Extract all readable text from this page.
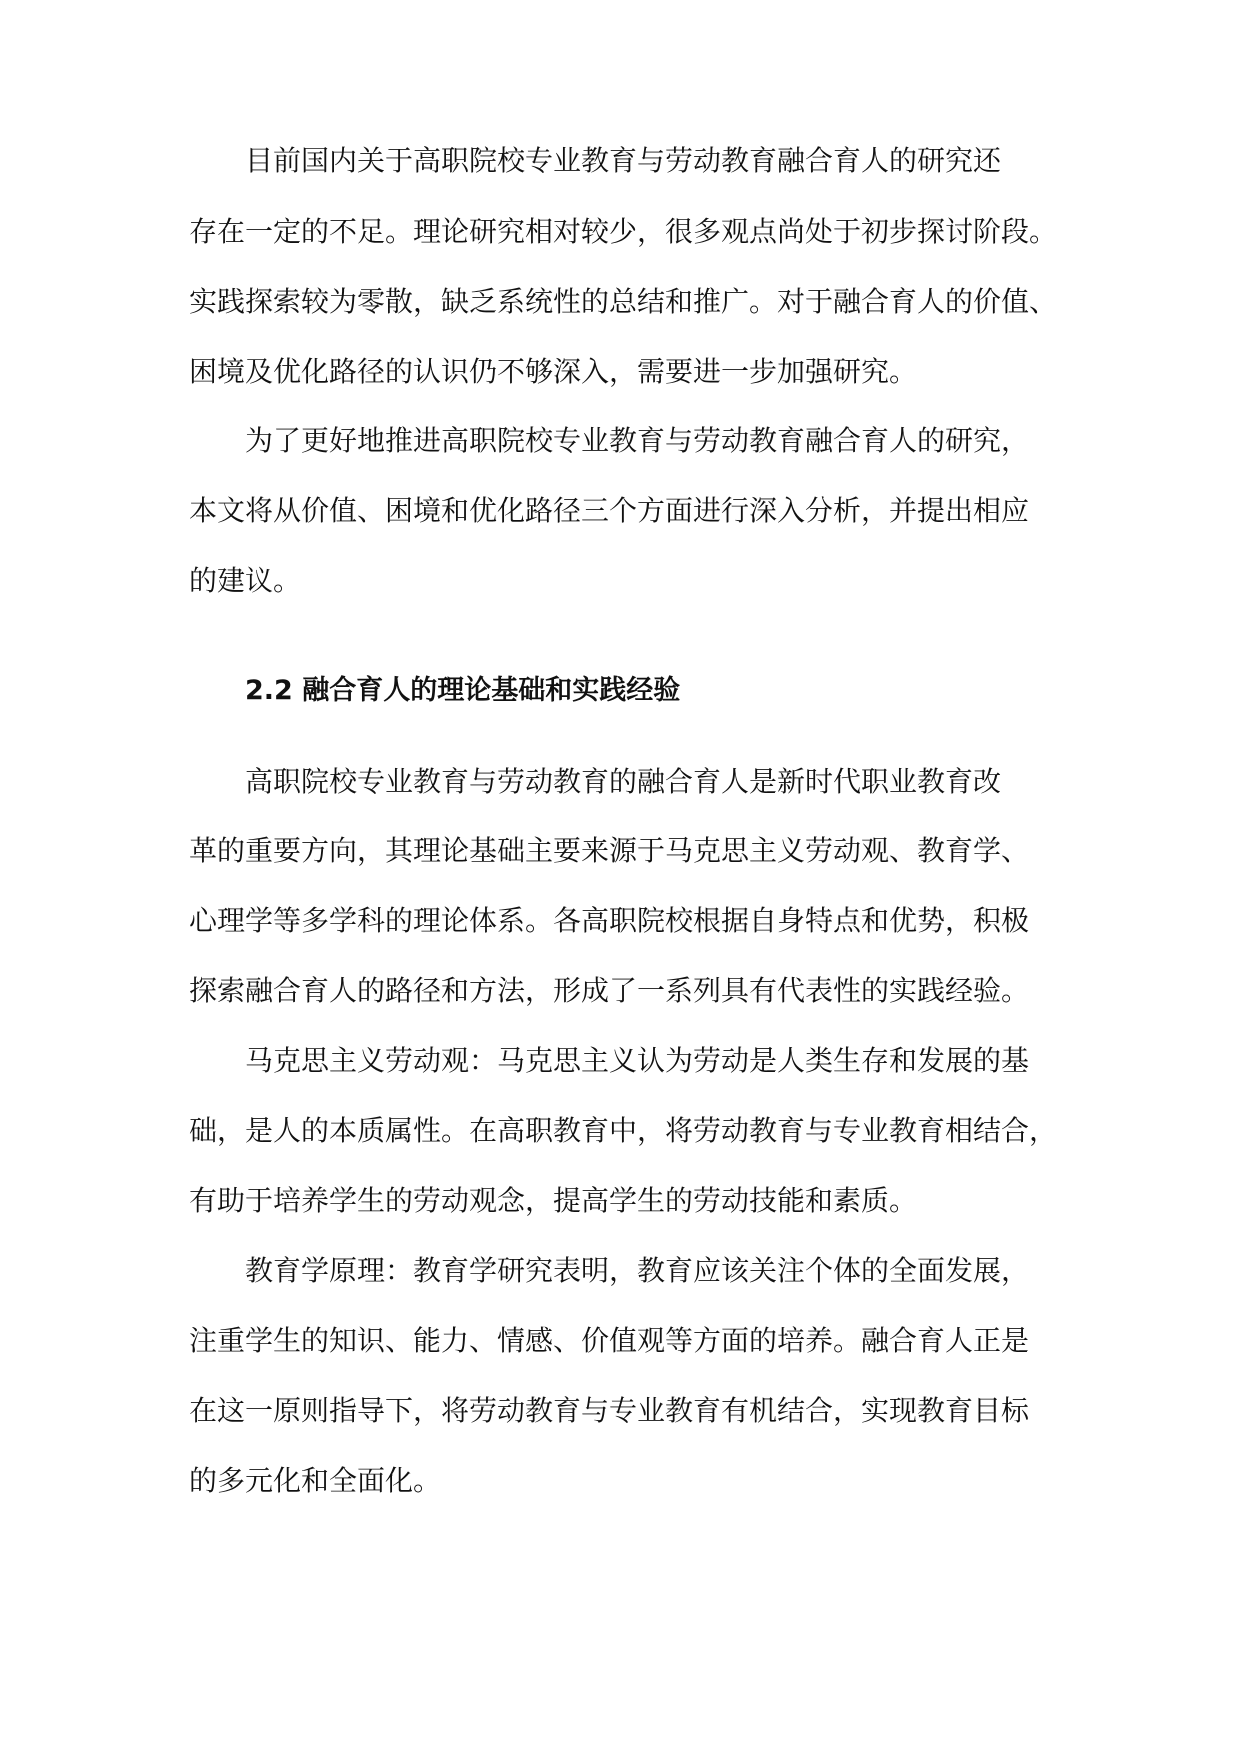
目前国内关于高职院校专业教育与劳动教育融合育人的研究还

存在一定的不足。理论研究相对较少，很多观点尚处于初步探讨阶段。

实践探索较为零散，缺乏系统性的总结和推广。对于融合育人的价值、

困境及优化路径的认识仍不够深入，需要进一步加强研究。

为了更好地推进高职院校专业教育与劳动教育融合育人的研究，

本文将从价值、困境和优化路径三个方面进行深入分析，并提出相应

的建议。

2.2 融合育人的理论基础和实践经验

高职院校专业教育与劳动教育的融合育人是新时代职业教育改

革的重要方向，其理论基础主要来源于马克思主义劳动观、教育学、

心理学等多学科的理论体系。各高职院校根据自身特点和优势，积极

探索融合育人的路径和方法，形成了一系列具有代表性的实践经验。

马克思主义劳动观：马克思主义认为劳动是人类生存和发展的基

础，是人的本质属性。在高职教育中，将劳动教育与专业教育相结合，

有助于培养学生的劳动观念，提高学生的劳动技能和素质。

教育学原理：教育学研究表明，教育应该关注个体的全面发展，

注重学生的知识、能力、情感、价值观等方面的培养。融合育人正是

在这一原则指导下，将劳动教育与专业教育有机结合，实现教育目标

的多元化和全面化。
